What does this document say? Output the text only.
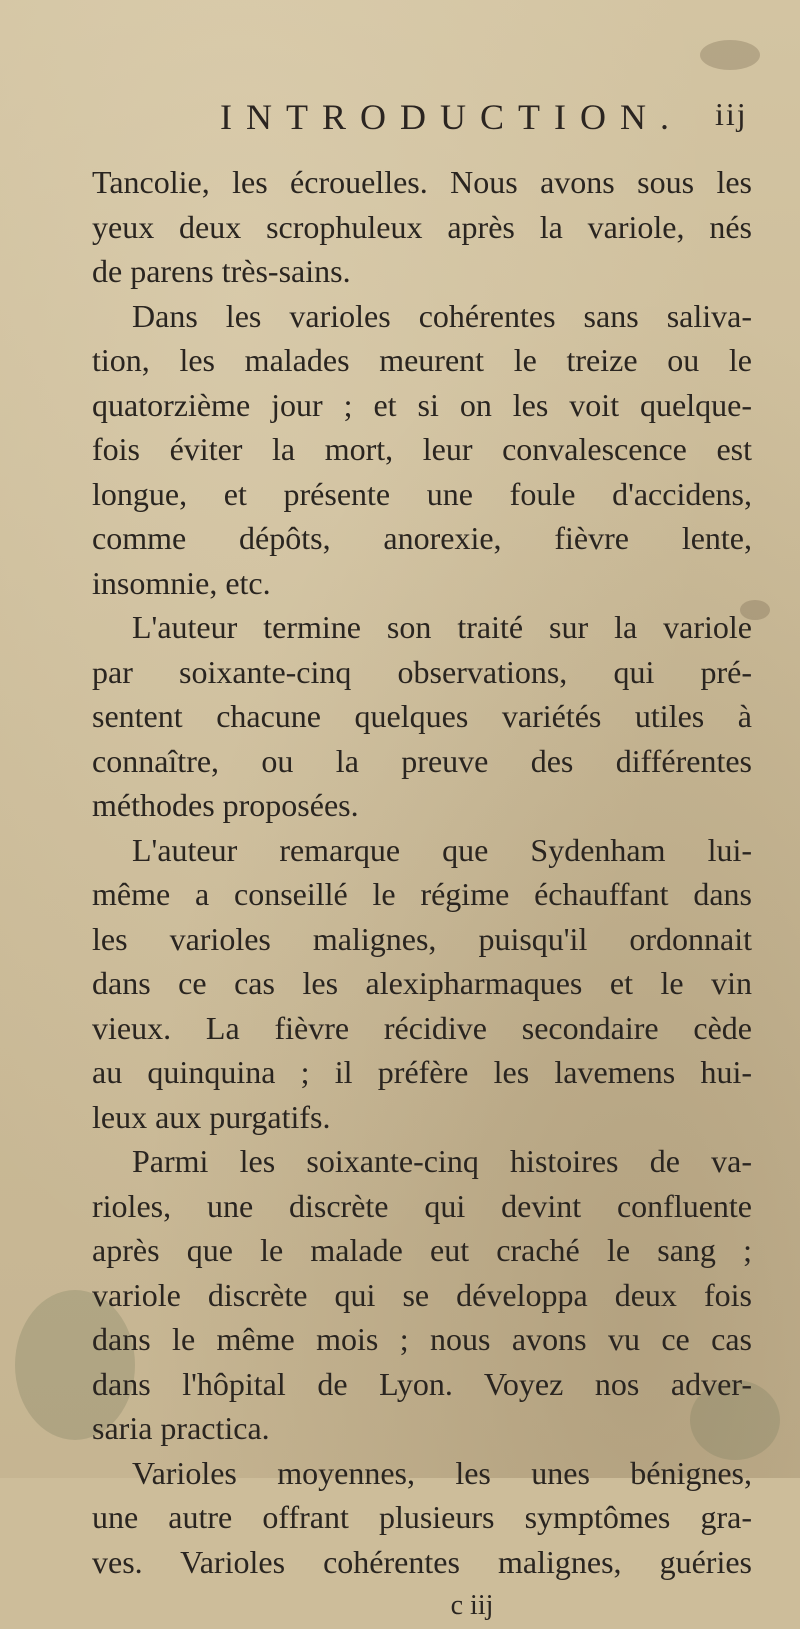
INTRODUCTION. iij
Tancolie, les écrouelles. Nous avons sous les
yeux deux scrophuleux après la variole, nés
de parens très-sains.
Dans les varioles cohérentes sans saliva-
tion, les malades meurent le treize ou le
quatorzième jour ; et si on les voit quelque-
fois éviter la mort, leur convalescence est
longue, et présente une foule d'accidens,
comme dépôts, anorexie, fièvre lente,
insomnie, etc.
L'auteur termine son traité sur la variole
par soixante-cinq observations, qui pré-
sentent chacune quelques variétés utiles à
connaître, ou la preuve des différentes
méthodes proposées.
L'auteur remarque que Sydenham lui-
même a conseillé le régime échauffant dans
les varioles malignes, puisqu'il ordonnait
dans ce cas les alexipharmaques et le vin
vieux. La fièvre récidive secondaire cède
au quinquina ; il préfère les lavemens hui-
leux aux purgatifs.
Parmi les soixante-cinq histoires de va-
rioles, une discrète qui devint confluente
après que le malade eut craché le sang ;
variole discrète qui se développa deux fois
dans le même mois ; nous avons vu ce cas
dans l'hôpital de Lyon. Voyez nos adver-
saria practica.
Varioles moyennes, les unes bénignes,
une autre offrant plusieurs symptômes gra-
ves. Varioles cohérentes malignes, guéries
c iij
